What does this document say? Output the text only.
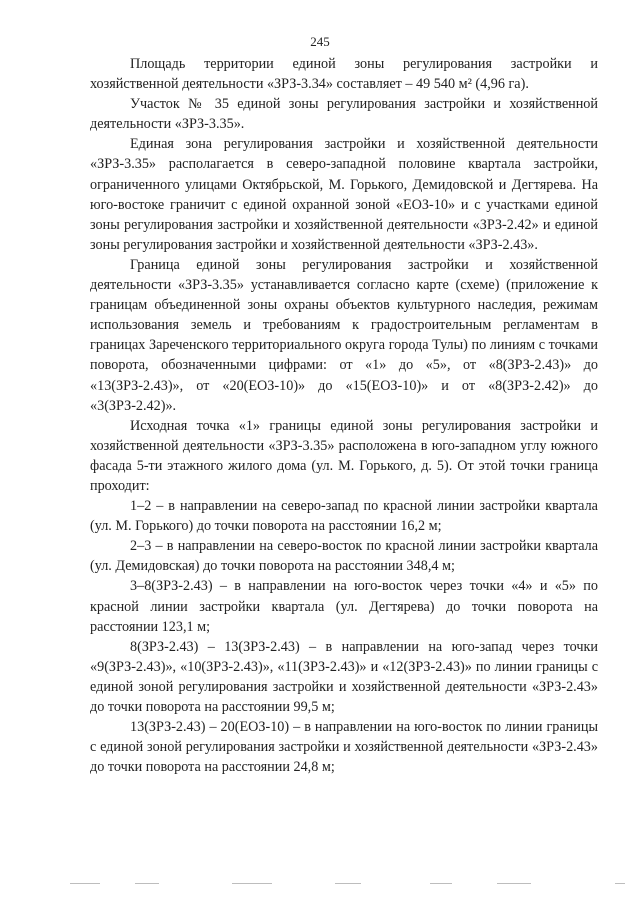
245

Площадь территории единой зоны регулирования застройки и хозяйственной деятельности «ЗРЗ-3.34» составляет – 49 540 м² (4,96 га).

Участок № 35 единой зоны регулирования застройки и хозяйственной деятельности «ЗРЗ-3.35».

Единая зона регулирования застройки и хозяйственной деятельности «ЗРЗ-3.35» располагается в северо-западной половине квартала застройки, ограниченного улицами Октябрьской, М. Горького, Демидовской и Дегтярева. На юго-востоке граничит с единой охранной зоной «ЕОЗ-10» и с участками единой зоны регулирования застройки и хозяйственной деятельности «ЗРЗ-2.42» и единой зоны регулирования застройки и хозяйственной деятельности «ЗРЗ-2.43».

Граница единой зоны регулирования застройки и хозяйственной деятельности «ЗРЗ-3.35» устанавливается согласно карте (схеме) (приложение к границам объединенной зоны охраны объектов культурного наследия, режимам использования земель и требованиям к градостроительным регламентам в границах Зареченского территориального округа города Тулы) по линиям с точками поворота, обозначенными цифрами: от «1» до «5», от «8(ЗРЗ-2.43)» до «13(ЗРЗ-2.43)», от «20(ЕОЗ-10)» до «15(ЕОЗ-10)» и от «8(ЗРЗ-2.42)» до «3(ЗРЗ-2.42)».

Исходная точка «1» границы единой зоны регулирования застройки и хозяйственной деятельности «ЗРЗ-3.35» расположена в юго-западном углу южного фасада 5-ти этажного жилого дома (ул. М. Горького, д. 5). От этой точки граница проходит:

1–2 – в направлении на северо-запад по красной линии застройки квартала (ул. М. Горького) до точки поворота на расстоянии 16,2 м;

2–3 – в направлении на северо-восток по красной линии застройки квартала (ул. Демидовская) до точки поворота на расстоянии 348,4 м;

3–8(ЗРЗ-2.43) – в направлении на юго-восток через точки «4» и «5» по красной линии застройки квартала (ул. Дегтярева) до точки поворота на расстоянии 123,1 м;

8(ЗРЗ-2.43) – 13(ЗРЗ-2.43) – в направлении на юго-запад через точки «9(ЗРЗ-2.43)», «10(ЗРЗ-2.43)», «11(ЗРЗ-2.43)» и «12(ЗРЗ-2.43)» по линии границы с единой зоной регулирования застройки и хозяйственной деятельности «ЗРЗ-2.43» до точки поворота на расстоянии 99,5 м;

13(ЗРЗ-2.43) – 20(ЕОЗ-10) – в направлении на юго-восток по линии границы с единой зоной регулирования застройки и хозяйственной деятельности «ЗРЗ-2.43» до точки поворота на расстоянии 24,8 м;
